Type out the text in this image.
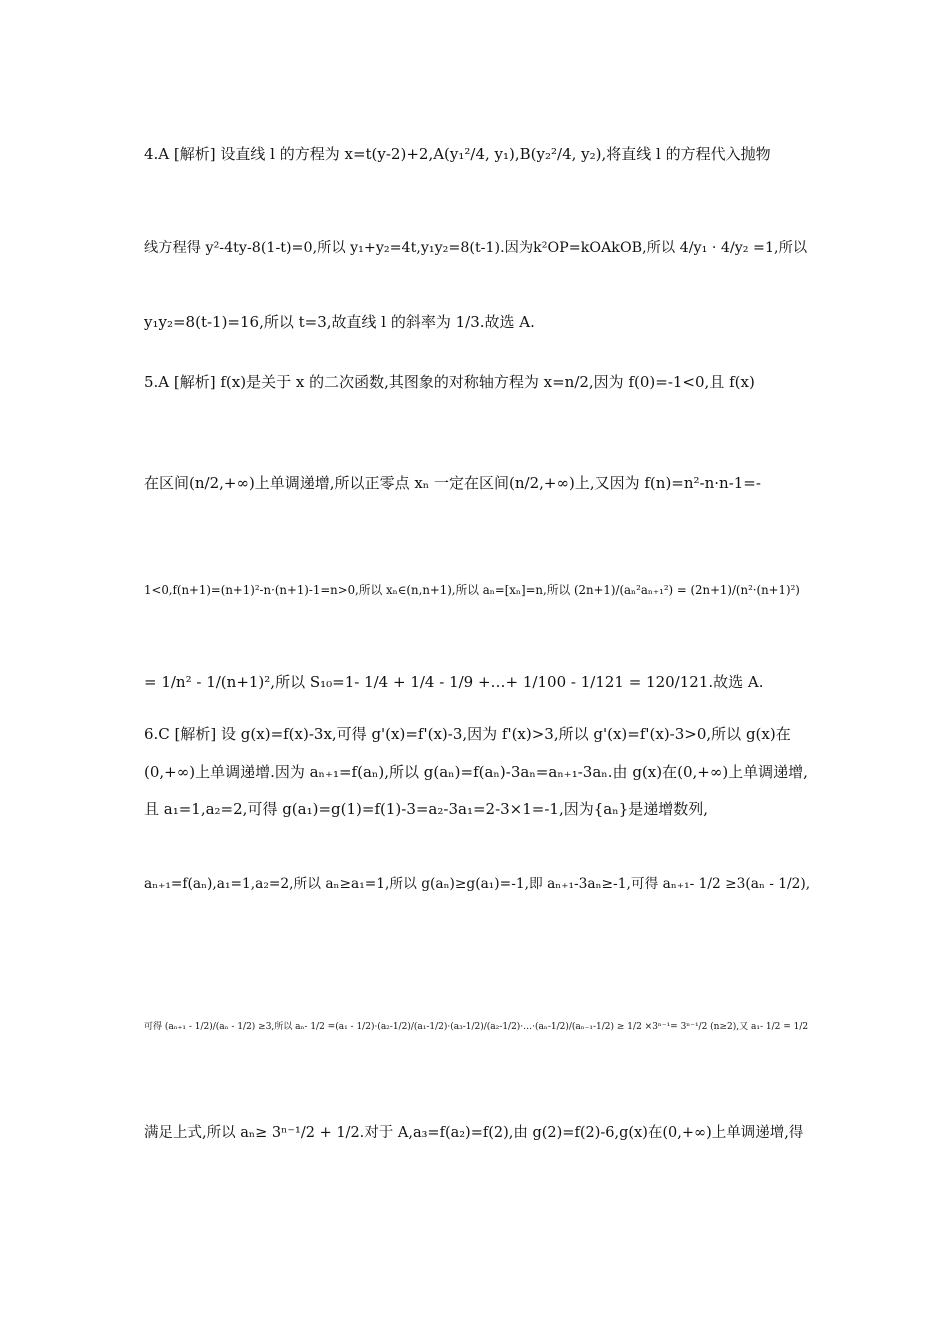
4.A [解析] 设直线 l 的方程为 x=t(y-2)+2,A(y₁²/4, y₁),B(y₂²/4, y₂),将直线 l 的方程代入抛物
线方程得 y²-4ty-8(1-t)=0,所以 y₁+y₂=4t,y₁y₂=8(t-1).因为k²OP=kOAkOB,所以 4/y₁ · 4/y₂ =1,所以
y₁y₂=8(t-1)=16,所以 t=3,故直线 l 的斜率为 1/3.故选 A.
5.A [解析] f(x)是关于 x 的二次函数,其图象的对称轴方程为 x=n/2,因为 f(0)=-1<0,且 f(x)
在区间(n/2,+∞)上单调递增,所以正零点 xₙ 一定在区间(n/2,+∞)上,又因为 f(n)=n²-n·n-1=-
1<0,f(n+1)=(n+1)²-n·(n+1)-1=n>0,所以 xₙ∈(n,n+1),所以 aₙ=[xₙ]=n,所以 (2n+1)/(aₙ²aₙ₊₁²) = (2n+1)/(n²·(n+1)²)
= 1/n² - 1/(n+1)²,所以 S₁₀=1- 1/4 + 1/4 - 1/9 +…+ 1/100 - 1/121 = 120/121.故选 A.
6.C [解析] 设 g(x)=f(x)-3x,可得 g'(x)=f'(x)-3,因为 f'(x)>3,所以 g'(x)=f'(x)-3>0,所以 g(x)在
(0,+∞)上单调递增.因为 aₙ₊₁=f(aₙ),所以 g(aₙ)=f(aₙ)-3aₙ=aₙ₊₁-3aₙ.由 g(x)在(0,+∞)上单调递增,
且 a₁=1,a₂=2,可得 g(a₁)=g(1)=f(1)-3=a₂-3a₁=2-3×1=-1,因为{aₙ}是递增数列,
aₙ₊₁=f(aₙ),a₁=1,a₂=2,所以 aₙ≥a₁=1,所以 g(aₙ)≥g(a₁)=-1,即 aₙ₊₁-3aₙ≥-1,可得 aₙ₊₁- 1/2 ≥3(aₙ - 1/2),
可得 (aₙ₊₁ - 1/2)/(aₙ - 1/2) ≥3,所以 aₙ- 1/2 =(a₁ - 1/2)·(a₂-1/2)/(a₁-1/2)·(a₃-1/2)/(a₂-1/2)·…·(aₙ-1/2)/(aₙ₋₁-1/2) ≥ 1/2 ×3ⁿ⁻¹= 3ⁿ⁻¹/2 (n≥2),又 a₁- 1/2 = 1/2
满足上式,所以 aₙ≥ 3ⁿ⁻¹/2 + 1/2.对于 A,a₃=f(a₂)=f(2),由 g(2)=f(2)-6,g(x)在(0,+∞)上单调递增,得
